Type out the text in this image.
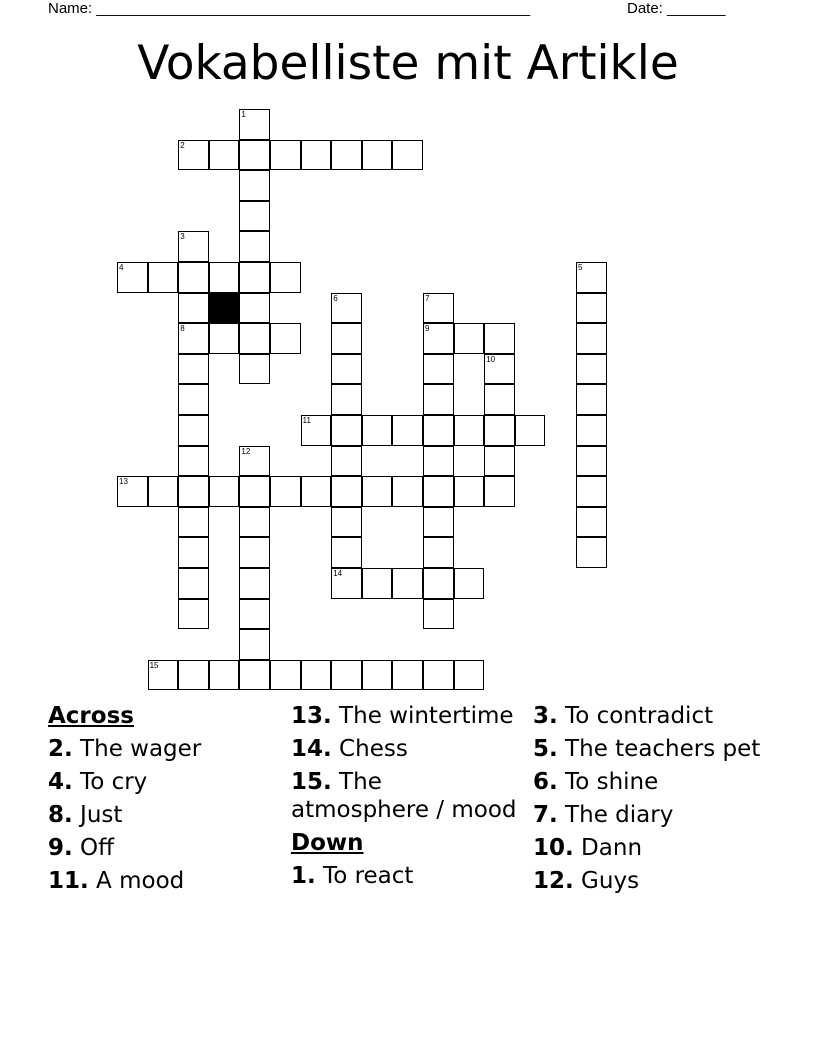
Name: ____________________________________________________	Date: _______
Vokabelliste mit Artikle
1
2
3
8
4	5
6	7
9
10
11
12
13
14
15
Across
2. The wager
4. To cry
8. Just
9. Off
11. A mood
13. The wintertime
14. Chess
15. The atmosphere / mood
Down
1. To react
3. To contradict
5. The teachers pet
6. To shine
7. The diary
10. Dann
12. Guys
